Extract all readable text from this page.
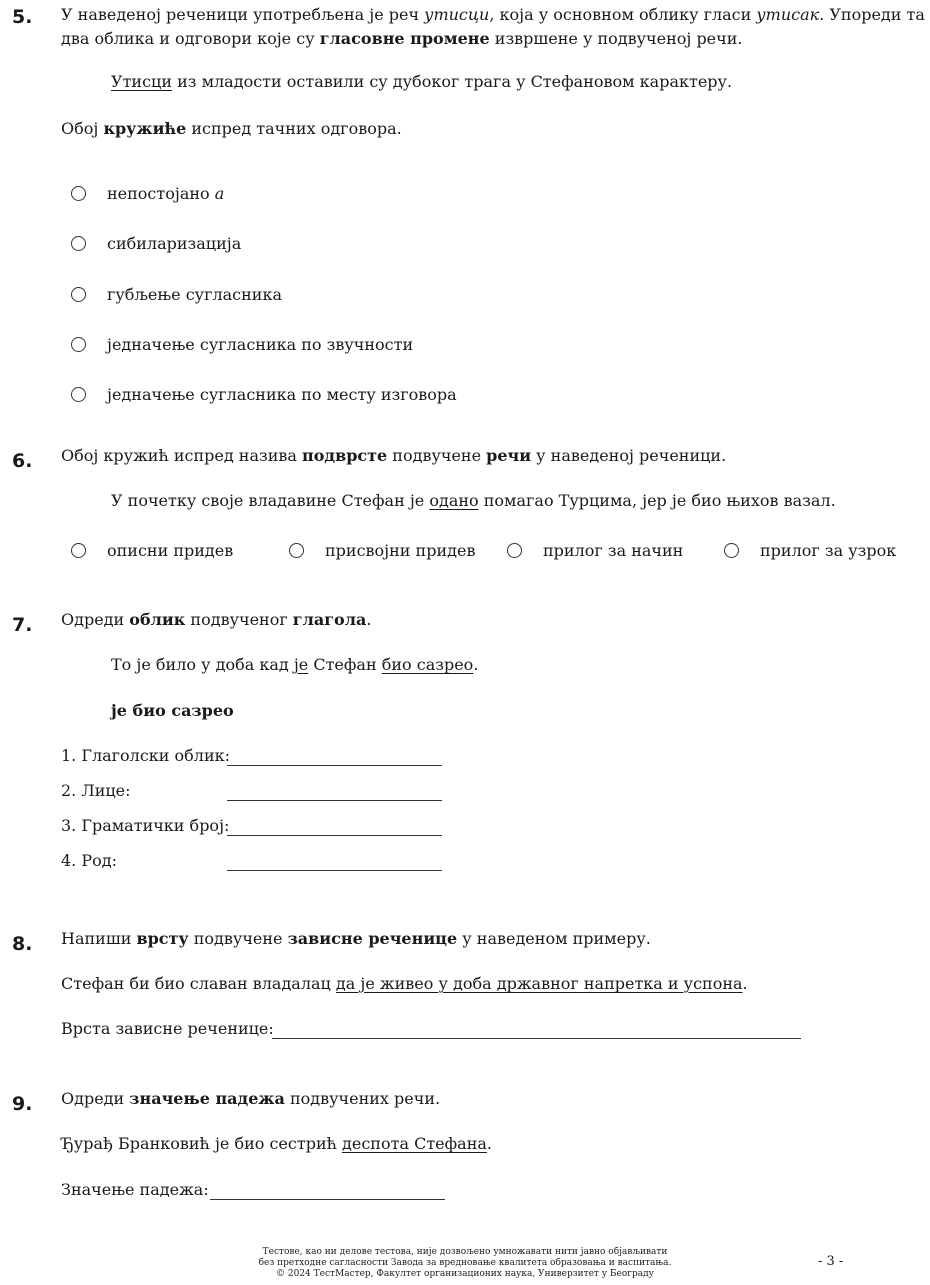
5. У наведеној реченици употребљена је реч утисци, која у основном облику гласи утисак. Упореди та
два облика и одговори које су гласовне промене извршене у подвученој речи.
Утисци из младости оставили су дубоког трага у Стефановом карактеру.
Обој кружиће испред тачних одговора.
непостојано а
сибиларизација
губљење сугласника
једначење сугласника по звучности
једначење сугласника по месту изговора
6. Обој кружић испред назива подврсте подвучене речи у наведеној реченици.
У почетку своје владавине Стефан је одано помагао Турцима, јер је био њихов вазал.
описни придев	присвојни придев	прилог за начин	прилог за узрок
7. Одреди облик подвученог глагола.
То је било у доба кад је Стефан био сазрео.
је био сазрео
1. Глаголски облик:
2. Лице:
3. Граматички број:
4. Род:
8. Напиши врсту подвучене зависне реченице у наведеном примеру.
Стефан би био славан владалац да је живео у доба државног напретка и успона.
Врста зависне реченице:
9. Одреди значење падежа подвучених речи.
Ђурађ Бранковић је био сестрић деспота Стефана.
Значење падежа:
Тестове, као ни делове тестова, није дозвољено умножавати нити јавно објављивати
без претходне сагласности Завода за вредновање квалитета образовања и васпитања.
© 2024 ТестМастер, Факултет организационих наука, Универзитет у Београду
- 3 -
